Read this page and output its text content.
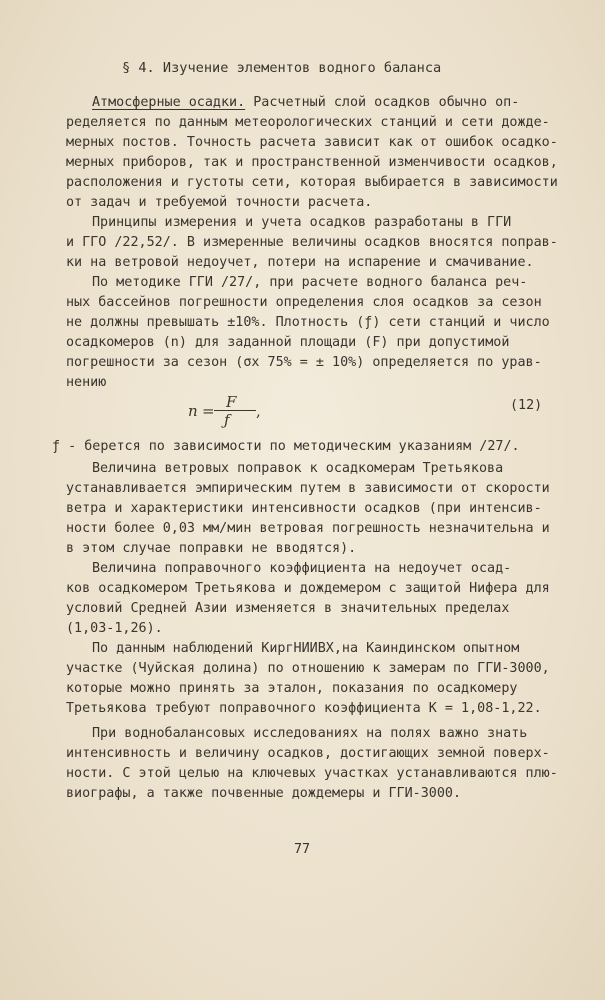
§ 4. Изучение элементов водного баланса

Атмосферные осадки. Расчетный слой осадков обычно оп-

ределяется по данным метеорологических станций и сети дожде-

мерных постов. Точность расчета зависит как от ошибок осадко-

мерных приборов, так и пространственной изменчивости осадков,

расположения и густоты сети, которая выбирается в зависимости

от задач и требуемой точности расчета.

Принципы измерения и учета осадков разработаны в ГГИ

и ГГО /22,52/. В измеренные величины осадков вносятся поправ-

ки на ветровой недоучет, потери на испарение и смачивание.

По методике ГГИ /27/, при расчете водного баланса реч-

ных бассейнов погрешности определения слоя осадков за сезон

не должны превышать ±10%. Плотность (ƒ) сети станций и число

осадкомеров (n) для заданной площади (F) при допустимой

погрешности за сезон (σx 75% = ± 10%) определяется по урав-

нению

n = F
ƒ ,	(12)

ƒ - берется по зависимости по методическим указаниям /27/.

Величина ветровых поправок к осадкомерам Третьякова

устанавливается эмпирическим путем в зависимости от скорости

ветра и характеристики интенсивности осадков (при интенсив-

ности более 0,03 мм/мин ветровая погрешность незначительна и

в этом случае поправки не вводятся).

Величина поправочного коэффициента на недоучет осад-

ков осадкомером Третьякова и дождемером с защитой Нифера для

условий Средней Азии изменяется в значительных пределах

(1,03-1,26).

По данным наблюдений КиргНИИВХ,на Каиндинском опытном

участке (Чуйская долина) по отношению к замерам по ГГИ-3000,

которые можно принять за эталон, показания по осадкомеру

Третьякова требуют поправочного коэффициента K = 1,08-1,22.

При воднобалансовых исследованиях на полях важно знать

интенсивность и величину осадков, достигающих земной поверх-

ности. С этой целью на ключевых участках устанавливаются плю-

виографы, а также почвенные дождемеры и ГГИ-3000.

77
